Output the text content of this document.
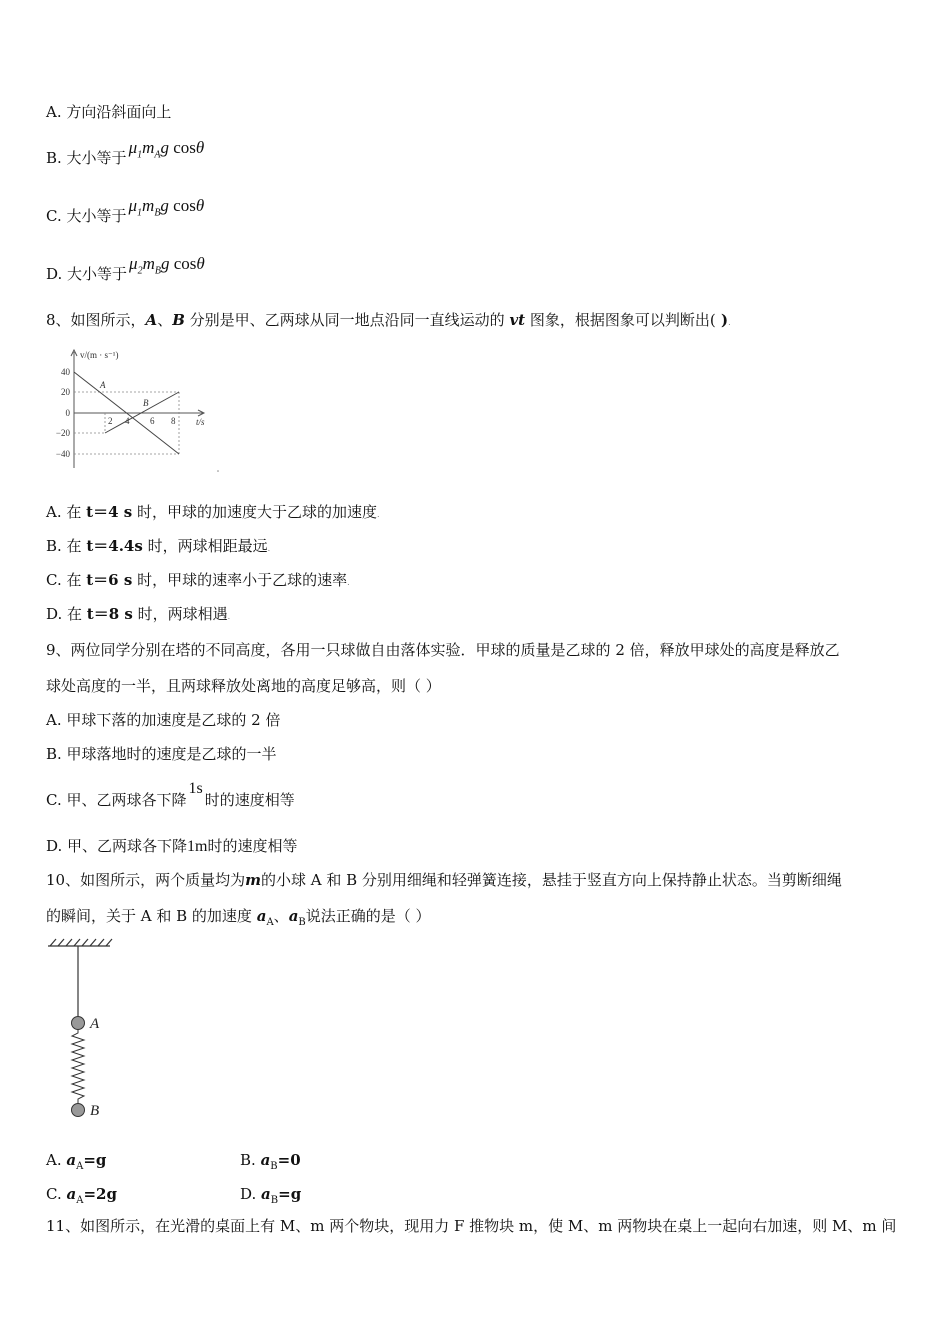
A. 方向沿斜面向上
B. 大小等于$\mu_1m_Ag$ cosθ
C. 大小等于$\mu_1m_Bg$ cosθ
D. 大小等于$\mu_2m_Bg$ cosθ
8、如图所示，A、B 分别是甲、乙两球从同一地点沿同一直线运动的 vt 图象，根据图象可以判断出( ).
v/(m · s⁻¹)
t/s
40
20
0
−20
−40
2 4 6 8
A
B
A. 在 t＝4 s 时，甲球的加速度大于乙球的加速度.
B. 在 t＝4.4s 时，两球相距最远.
C. 在 t＝6 s 时，甲球的速率小于乙球的速率.
D. 在 t＝8 s 时，两球相遇.
9、两位同学分别在塔的不同高度，各用一只球做自由落体实验．甲球的质量是乙球的 2 倍，释放甲球处的高度是释放乙
球处高度的一半，且两球释放处离地的高度足够高，则（ ）
A. 甲球下落的加速度是乙球的 2 倍
B. 甲球落地时的速度是乙球的一半
C. 甲、乙两球各下降1s时的速度相等
D. 甲、乙两球各下降1m时的速度相等
10、如图所示，两个质量均为m的小球 A 和 B 分别用细绳和轻弹簧连接，悬挂于竖直方向上保持静止状态。当剪断细绳
的瞬间，关于 A 和 B 的加速度 $a_A$、$a_B$说法正确的是（ ）
A
B
A. $a_A=g$	B. $a_B=0$
C. $a_A=2g$	D. $a_B=g$
11、如图所示，在光滑的桌面上有 M、m 两个物块，现用力 F 推物块 m，使 M、m 两物块在桌上一起向右加速，则 M、m 间
